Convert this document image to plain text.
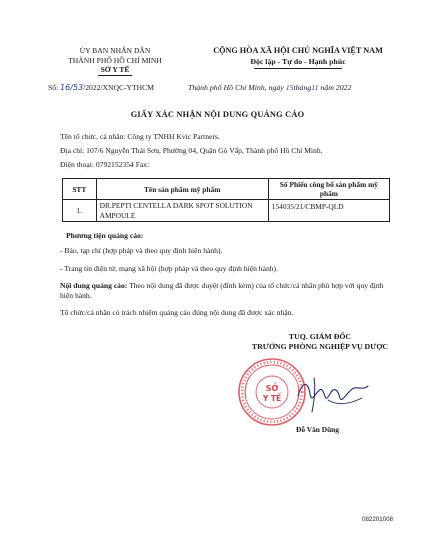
ỦY BAN NHÂN DÂN
THÀNH PHỐ HỒ CHÍ MINH
SỞ Y TẾ
CỘNG HÒA XÃ HỘI CHỦ NGHĨA VIỆT NAM
Độc lập - Tự do - Hạnh phúc
Số: 16/53/2022/XNQC-YTHCM	Thành phố Hồ Chí Minh, ngày 15tháng11 năm 2022
GIẤY XÁC NHẬN NỘI DUNG QUẢNG CÁO
Tên tổ chức, cá nhân: Công ty TNHH Kvic Partners.
Địa chỉ: 107/6 Nguyễn Thái Sơn, Phường 04, Quận Gò Vấp, Thành phố Hồ Chí Minh.
Điện thoại: 0792152354 Fax:
STT	Tên sản phẩm mỹ phẩm	Số Phiếu công bố sản phẩm mỹ phẩm
1.	DR.PEPTI CENTELLA DARK SPOT SOLUTION AMPOULE	154035/21/CBMP-QLD
Phương tiện quảng cáo:
- Báo, tạp chí (hợp pháp và theo quy định hiện hành).
- Trang tin điện tử, mạng xã hội (hợp pháp và theo quy định hiện hành).
Nội dung quảng cáo: Theo nội dung đã được duyệt (đính kèm) của tổ chức/cá nhân phù hợp với quy định hiện hành.
Tổ chức/cá nhân có trách nhiệm quảng cáo đúng nội dung đã được xác nhận.
TUQ. GIÁM ĐỐC
TRƯỞNG PHÒNG NGHIỆP VỤ DƯỢC
SỞ
Y TẾ
Đỗ Văn Dũng
082201008
